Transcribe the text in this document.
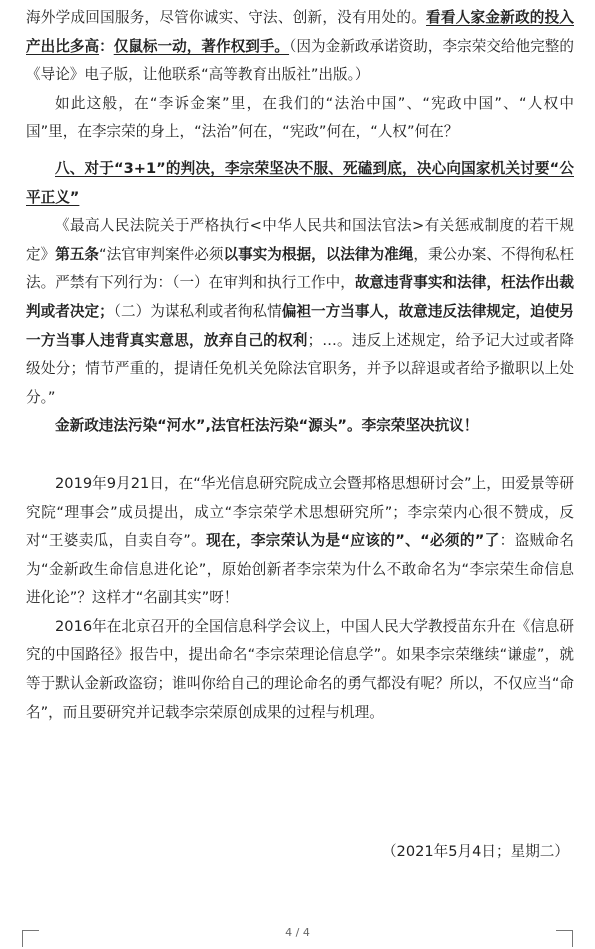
海外学成回国服务，尽管你诚实、守法、创新，没有用处的。看看人家金新政的投入产出比多高：仅鼠标一动，著作权到手。（因为金新政承诺资助，李宗荣交给他完整的《导论》电子版，让他联系“高等教育出版社”出版。）

如此这般，在“李诉金案”里，在我们的“法治中国”、“宪政中国”、“人权中国”里，在李宗荣的身上，“法治”何在，“宪政”何在，“人权”何在？

八、对于“3+1”的判决，李宗荣坚决不服、死磕到底，决心向国家机关讨要“公平正义”

《最高人民法院关于严格执行<中华人民共和国法官法>有关惩戒制度的若干规定》第五条“法官审判案件必须以事实为根据，以法律为准绳，秉公办案、不得徇私枉法。严禁有下列行为：（一）在审判和执行工作中，故意违背事实和法律，枉法作出裁判或者决定；（二）为谋私利或者徇私情偏袒一方当事人，故意违反法律规定，迫使另一方当事人违背真实意思，放弃自己的权利；…。违反上述规定，给予记大过或者降级处分；情节严重的，提请任免机关免除法官职务，并予以辞退或者给予撤职以上处分。”

金新政违法污染“河水”,法官枉法污染“源头”。李宗荣坚决抗议！

2019年9月21日，在“华光信息研究院成立会暨邦格思想研讨会”上，田爱景等研究院“理事会”成员提出，成立“李宗荣学术思想研究所”；李宗荣内心很不赞成，反对“王婆卖瓜，自卖自夸”。现在，李宗荣认为是“应该的”、“必须的”了：盗贼命名为“金新政生命信息进化论”，原始创新者李宗荣为什么不敢命名为“李宗荣生命信息进化论”？这样才“名副其实”呀！

2016年在北京召开的全国信息科学会议上，中国人民大学教授苗东升在《信息研究的中国路径》报告中，提出命名“李宗荣理论信息学”。如果李宗荣继续“谦虚”，就等于默认金新政盗窃；谁叫你给自己的理论命名的勇气都没有呢？所以，不仅应当“命名”，而且要研究并记载李宗荣原创成果的过程与机理。

（2021年5月4日；星期二）
4 / 4
